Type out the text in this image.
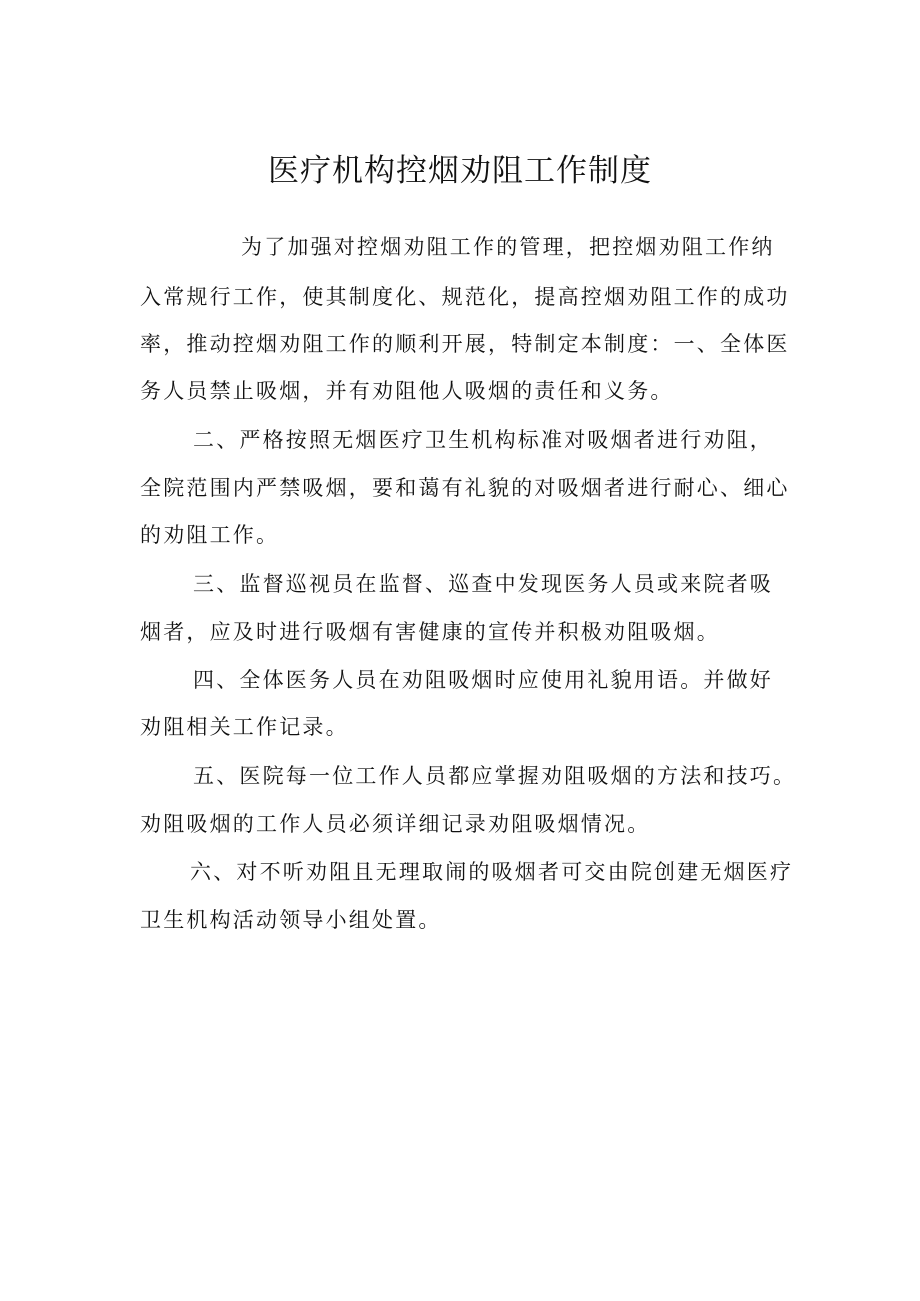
医疗机构控烟劝阻工作制度

为了加强对控烟劝阻工作的管理，把控烟劝阻工作纳

入常规行工作，使其制度化、规范化，提高控烟劝阻工作的成功

率，推动控烟劝阻工作的顺利开展，特制定本制度：一、全体医

务人员禁止吸烟，并有劝阻他人吸烟的责任和义务。

二、严格按照无烟医疗卫生机构标准对吸烟者进行劝阻，

全院范围内严禁吸烟，要和蔼有礼貌的对吸烟者进行耐心、细心

的劝阻工作。

三、监督巡视员在监督、巡查中发现医务人员或来院者吸

烟者，应及时进行吸烟有害健康的宣传并积极劝阻吸烟。

四、全体医务人员在劝阻吸烟时应使用礼貌用语。并做好

劝阻相关工作记录。

五、医院每一位工作人员都应掌握劝阻吸烟的方法和技巧。

劝阻吸烟的工作人员必须详细记录劝阻吸烟情况。

六、对不听劝阻且无理取闹的吸烟者可交由院创建无烟医疗

卫生机构活动领导小组处置。
